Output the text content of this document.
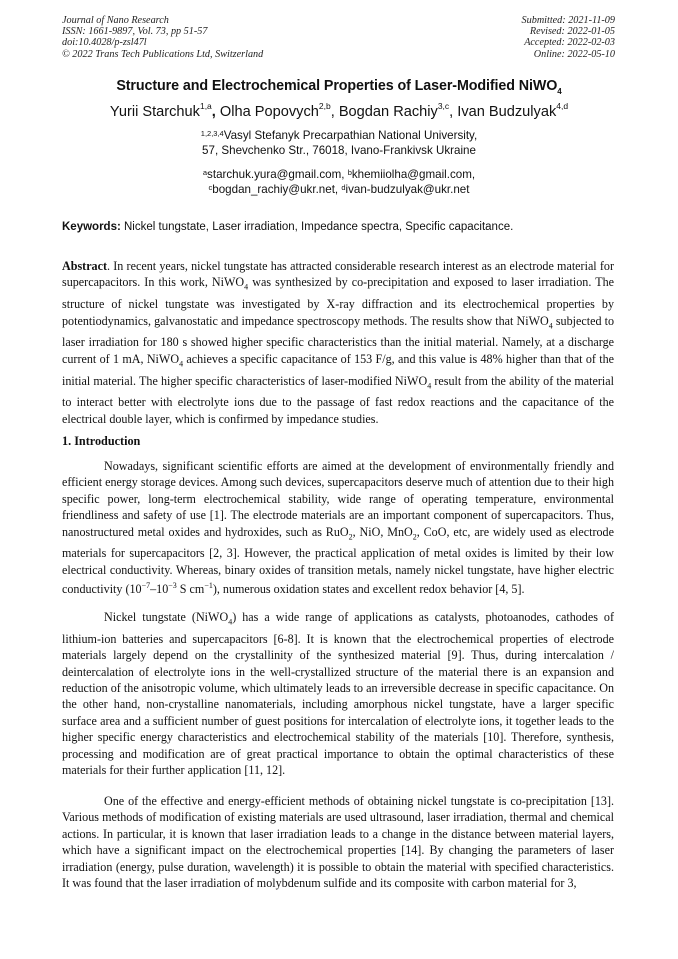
Journal of Nano Research
ISSN: 1661-9897, Vol. 73, pp 51-57
doi:10.4028/p-zsl47l
© 2022 Trans Tech Publications Ltd, Switzerland
Submitted: 2021-11-09
Revised: 2022-01-05
Accepted: 2022-02-03
Online: 2022-05-10
Structure and Electrochemical Properties of Laser-Modified NiWO$_4$
Yurii Starchuk$^{1,a}$, Olha Popovych$^{2,b}$, Bogdan Rachiy$^{3,c}$, Ivan Budzulyak$^{4,d}$
$^{1,2,3,4}$Vasyl Stefanyk Precarpathian National University,
57, Shevchenko Str., 76018, Ivano-Frankivsk Ukraine
$^a$starchuk.yura@gmail.com, $^b$khemiiolha@gmail.com,
$^c$bogdan_rachiy@ukr.net, $^d$ivan-budzulyak@ukr.net
Keywords: Nickel tungstate, Laser irradiation, Impedance spectra, Specific capacitance.
Abstract. In recent years, nickel tungstate has attracted considerable research interest as an electrode material for supercapacitors. In this work, NiWO$_4$ was synthesized by co-precipitation and exposed to laser irradiation. The structure of nickel tungstate was investigated by X-ray diffraction and its electrochemical properties by potentiodynamics, galvanostatic and impedance spectroscopy methods. The results show that NiWO$_4$ subjected to laser irradiation for 180 s showed higher specific characteristics than the initial material. Namely, at a discharge current of 1 mA, NiWO$_4$ achieves a specific capacitance of 153 F/g, and this value is 48% higher than that of the initial material. The higher specific characteristics of laser-modified NiWO$_4$ result from the ability of the material to interact better with electrolyte ions due to the passage of fast redox reactions and the capacitance of the electrical double layer, which is confirmed by impedance studies.
1. Introduction
Nowadays, significant scientific efforts are aimed at the development of environmentally friendly and efficient energy storage devices. Among such devices, supercapacitors deserve much of attention due to their high specific power, long-term electrochemical stability, wide range of operating temperature, environmental friendliness and safety of use [1]. The electrode materials are an important component of supercapacitors. Thus, nanostructured metal oxides and hydroxides, such as RuO$_2$, NiO, MnO$_2$, CoO, etc, are widely used as electrode materials for supercapacitors [2, 3]. However, the practical application of metal oxides is limited by their low electrical conductivity. Whereas, binary oxides of transition metals, namely nickel tungstate, have higher electric conductivity ($10^{-7}-10^{-3}$ S $cm^{-1}$), numerous oxidation states and excellent redox behavior [4, 5].
Nickel tungstate (NiWO$_4$) has a wide range of applications as catalysts, photoanodes, cathodes of lithium-ion batteries and supercapacitors [6-8]. It is known that the electrochemical properties of electrode materials largely depend on the crystallinity of the synthesized material [9]. Thus, during intercalation / deintercalation of electrolyte ions in the well-crystallized structure of the material there is an expansion and reduction of the anisotropic volume, which ultimately leads to an irreversible decrease in specific capacitance. On the other hand, non-crystalline nanomaterials, including amorphous nickel tungstate, have a larger specific surface area and a sufficient number of guest positions for intercalation of electrolyte ions, it together leads to the higher specific energy characteristics and electrochemical stability of the materials [10]. Therefore, synthesis, processing and modification are of great practical importance to obtain the optimal characteristics of these materials for their further application [11, 12].
One of the effective and energy-efficient methods of obtaining nickel tungstate is co-precipitation [13]. Various methods of modification of existing materials are used ultrasound, laser irradiation, thermal and chemical actions. In particular, it is known that laser irradiation leads to a change in the distance between material layers, which have a significant impact on the electrochemical properties [14]. By changing the parameters of laser irradiation (energy, pulse duration, wavelength) it is possible to obtain the material with specified characteristics. It was found that the laser irradiation of molybdenum sulfide and its composite with carbon material for 3,
